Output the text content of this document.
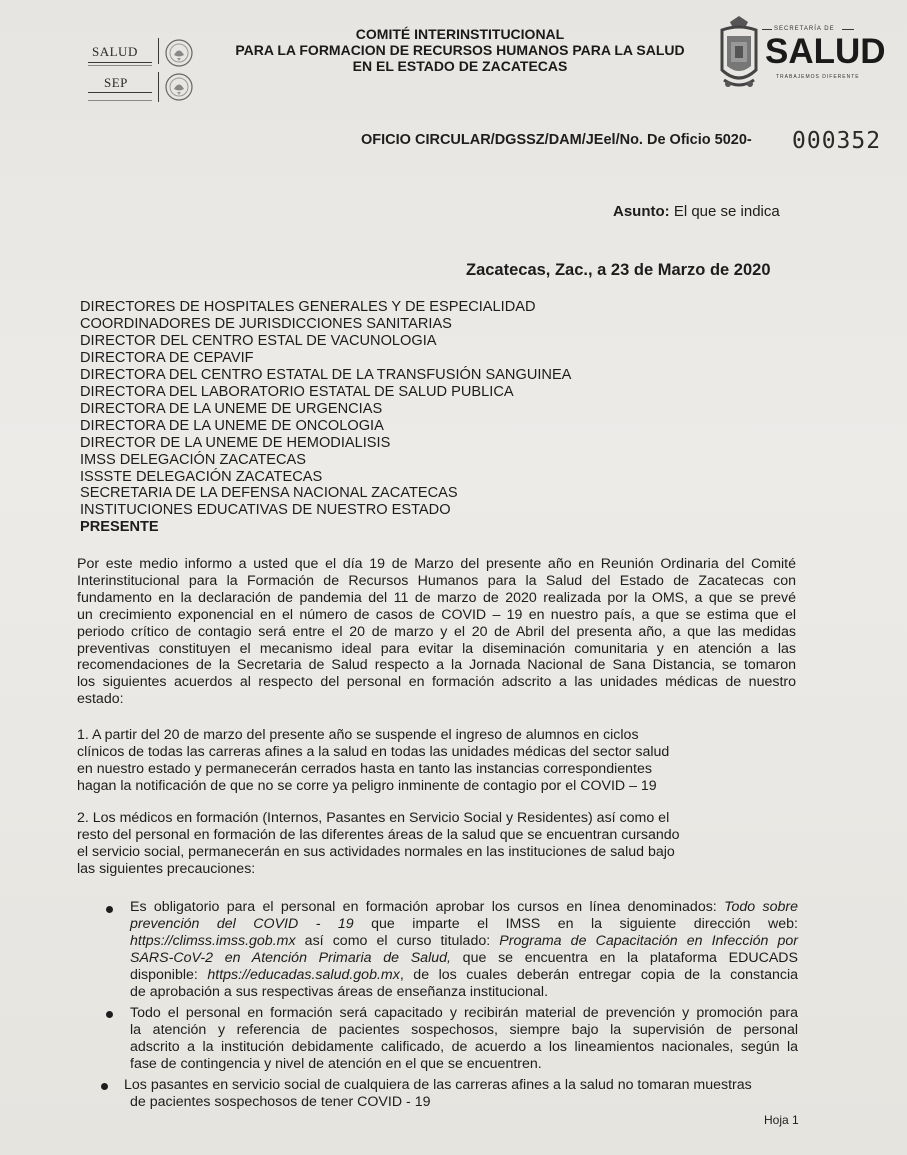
SALUD
SEP
COMITÉ INTERINSTITUCIONAL
PARA LA FORMACION DE RECURSOS HUMANOS PARA LA SALUD
EN EL ESTADO DE ZACATECAS
SECRETARÍA DE
SALUD
TRABAJEMOS DIFERENTE
OFICIO CIRCULAR/DGSSZ/DAM/JEel/No. De Oficio 5020- 000352
Asunto: El que se indica
Zacatecas, Zac., a 23 de Marzo de 2020
DIRECTORES DE HOSPITALES GENERALES Y DE ESPECIALIDAD
COORDINADORES DE JURISDICCIONES SANITARIAS
DIRECTOR DEL CENTRO ESTAL DE VACUNOLOGIA
DIRECTORA DE CEPAVIF
DIRECTORA DEL CENTRO ESTATAL DE LA TRANSFUSIÓN SANGUINEA
DIRECTORA DEL LABORATORIO ESTATAL DE SALUD PUBLICA
DIRECTORA DE LA UNEME DE URGENCIAS
DIRECTORA DE LA UNEME DE ONCOLOGIA
DIRECTOR DE LA UNEME DE HEMODIALISIS
IMSS DELEGACIÓN ZACATECAS
ISSSTE DELEGACIÓN ZACATECAS
SECRETARIA DE LA DEFENSA NACIONAL ZACATECAS
INSTITUCIONES EDUCATIVAS DE NUESTRO ESTADO
PRESENTE
Por este medio informo a usted que el día 19 de Marzo del presente año en Reunión Ordinaria del Comité
Interinstitucional para la Formación de Recursos Humanos para la Salud del Estado de Zacatecas con
fundamento en la declaración de pandemia del 11 de marzo de 2020 realizada por la OMS, a que se prevé
un crecimiento exponencial en el número de casos de COVID – 19 en nuestro país, a que se estima que el
periodo crítico de contagio será entre el 20 de marzo y el 20 de Abril del presenta año, a que las medidas
preventivas constituyen el mecanismo ideal para evitar la diseminación comunitaria y en atención a las
recomendaciones de la Secretaria de Salud respecto a la Jornada Nacional de Sana Distancia, se tomaron
los siguientes acuerdos al respecto del personal en formación adscrito a las unidades médicas de nuestro
estado:
1. A partir del 20 de marzo del presente año se suspende el ingreso de alumnos en ciclos
clínicos de todas las carreras afines a la salud en todas las unidades médicas del sector salud
en nuestro estado y permanecerán cerrados hasta en tanto las instancias correspondientes
hagan la notificación de que no se corre ya peligro inminente de contagio por el COVID – 19
2. Los médicos en formación (Internos, Pasantes en Servicio Social y Residentes) así como el
resto del personal en formación de las diferentes áreas de la salud que se encuentran cursando
el servicio social, permanecerán en sus actividades normales en las instituciones de salud bajo
las siguientes precauciones:
Es obligatorio para el personal en formación aprobar los cursos en línea denominados: Todo sobre
prevención del COVID - 19 que imparte el IMSS en la siguiente dirección web:
https://climss.imss.gob.mx así como el curso titulado: Programa de Capacitación en Infección por
SARS-CoV-2 en Atención Primaria de Salud, que se encuentra en la plataforma EDUCADS
disponible: https://educadas.salud.gob.mx, de los cuales deberán entregar copia de la constancia
de aprobación a sus respectivas áreas de enseñanza institucional.
Todo el personal en formación será capacitado y recibirán material de prevención y promoción para
la atención y referencia de pacientes sospechosos, siempre bajo la supervisión de personal
adscrito a la institución debidamente calificado, de acuerdo a los lineamientos nacionales, según la
fase de contingencia y nivel de atención en el que se encuentren.
Los pasantes en servicio social de cualquiera de las carreras afines a la salud no tomaran muestras
de pacientes sospechosos de tener COVID - 19
Hoja 1
